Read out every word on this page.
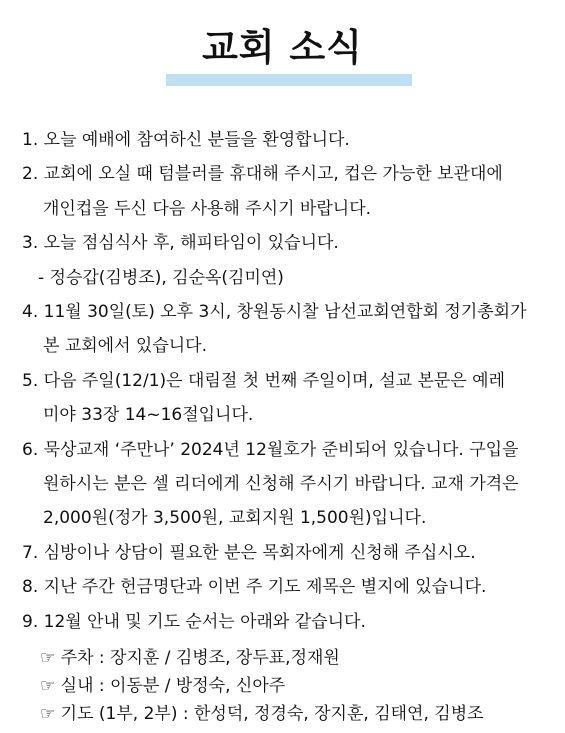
교회 소식
1. 오늘 예배에 참여하신 분들을 환영합니다.
2. 교회에 오실 때 텀블러를 휴대해 주시고, 컵은 가능한 보관대에
개인컵을 두신 다음 사용해 주시기 바랍니다.
3. 오늘 점심식사 후, 해피타임이 있습니다.
- 정승갑(김병조), 김순옥(김미연)
4. 11월 30일(토) 오후 3시, 창원동시찰 남선교회연합회 정기총회가
본 교회에서 있습니다.
5. 다음 주일(12/1)은 대림절 첫 번째 주일이며, 설교 본문은 예레
미야 33장 14~16절입니다.
6. 묵상교재 ‘주만나’ 2024년 12월호가 준비되어 있습니다. 구입을
원하시는 분은 셀 리더에게 신청해 주시기 바랍니다. 교재 가격은
2,000원(정가 3,500원, 교회지원 1,500원)입니다.
7. 심방이나 상담이 필요한 분은 목회자에게 신청해 주십시오.
8. 지난 주간 헌금명단과 이번 주 기도 제목은 별지에 있습니다.
9. 12월 안내 및 기도 순서는 아래와 같습니다.
☞ 주차 : 장지훈 / 김병조, 장두표,정재원
☞ 실내 : 이동분 / 방정숙, 신아주
☞ 기도 (1부, 2부) : 한성덕, 정경숙, 장지훈, 김태연, 김병조
